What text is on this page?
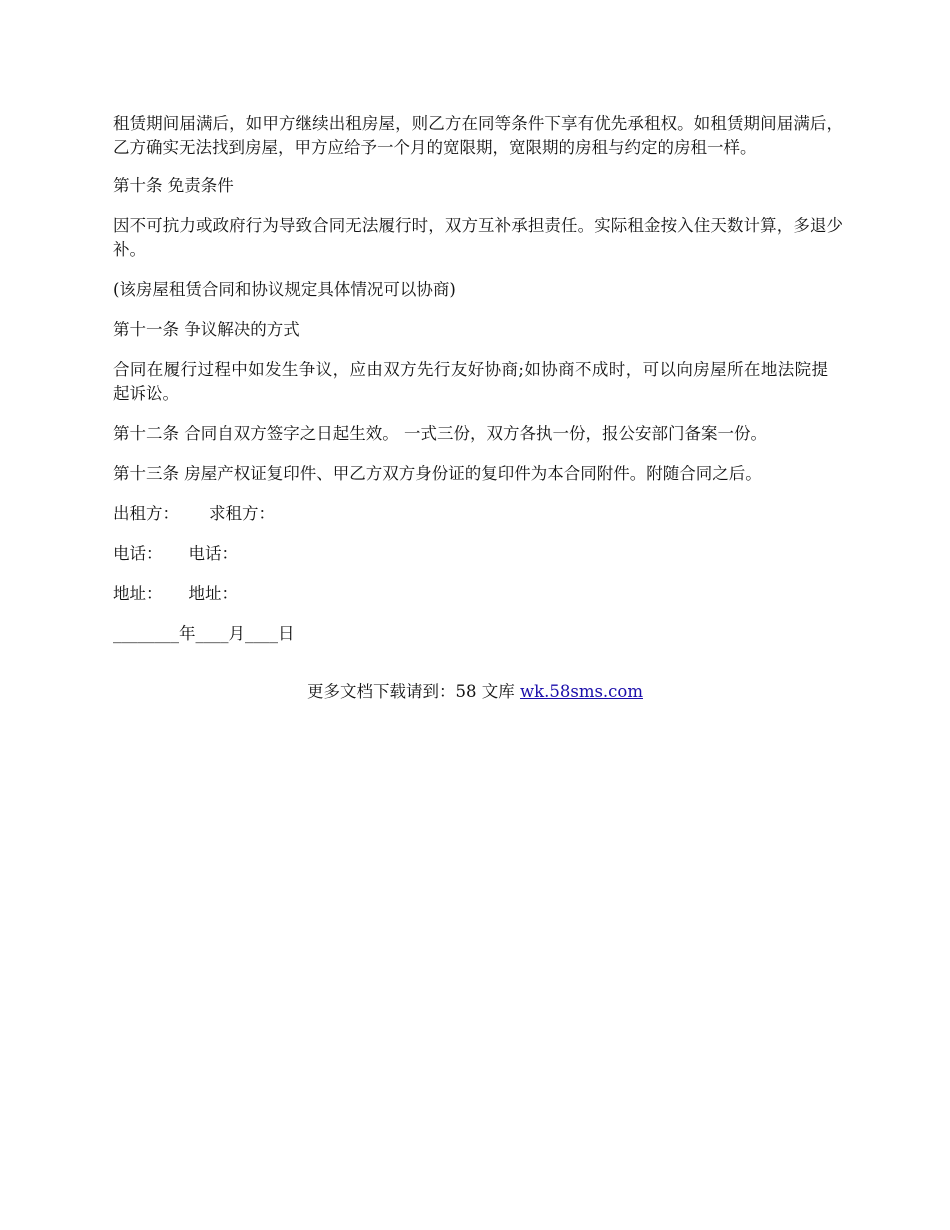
租赁期间届满后，如甲方继续出租房屋，则乙方在同等条件下享有优先承租权。如租赁期间届满后，乙方确实无法找到房屋，甲方应给予一个月的宽限期，宽限期的房租与约定的房租一样。

第十条 免责条件

因不可抗力或政府行为导致合同无法履行时，双方互补承担责任。实际租金按入住天数计算，多退少补。

(该房屋租赁合同和协议规定具体情况可以协商)

第十一条 争议解决的方式

合同在履行过程中如发生争议，应由双方先行友好协商;如协商不成时，可以向房屋所在地法院提起诉讼。

第十二条 合同自双方签字之日起生效。 一式三份，双方各执一份，报公安部门备案一份。

第十三条 房屋产权证复印件、甲乙方双方身份证的复印件为本合同附件。附随合同之后。

出租方： 求租方：
电话： 电话：
地址： 地址：
________年____月____日
更多文档下载请到：58 文库 wk.58sms.com
